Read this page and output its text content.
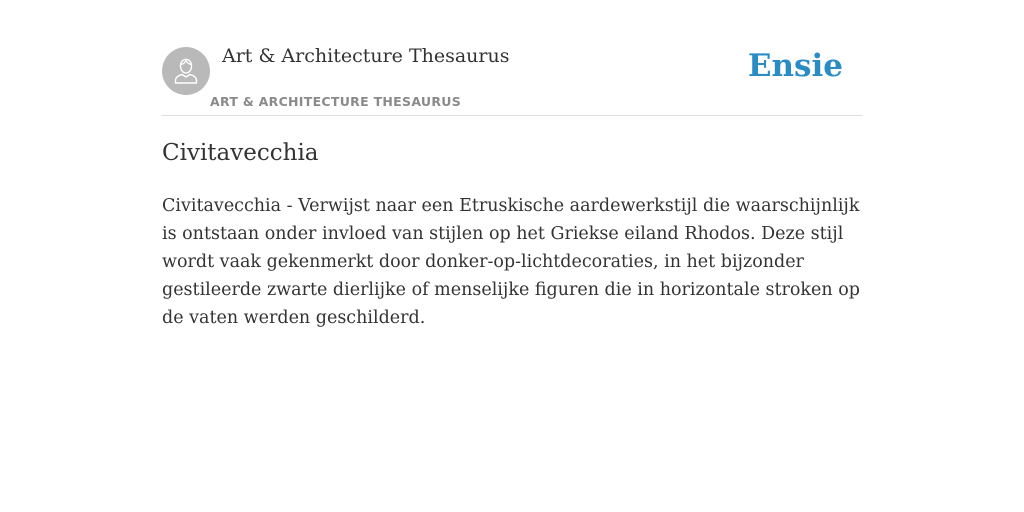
Art & Architecture Thesaurus
ART & ARCHITECTURE THESAURUS
Ensie
Civitavecchia

Civitavecchia - Verwijst naar een Etruskische aardewerkstijl die waarschijnlijk is ontstaan onder invloed van stijlen op het Griekse eiland Rhodos. Deze stijl wordt vaak gekenmerkt door donker-op-lichtdecoraties, in het bijzonder gestileerde zwarte dierlijke of menselijke figuren die in horizontale stroken op de vaten werden geschilderd.
